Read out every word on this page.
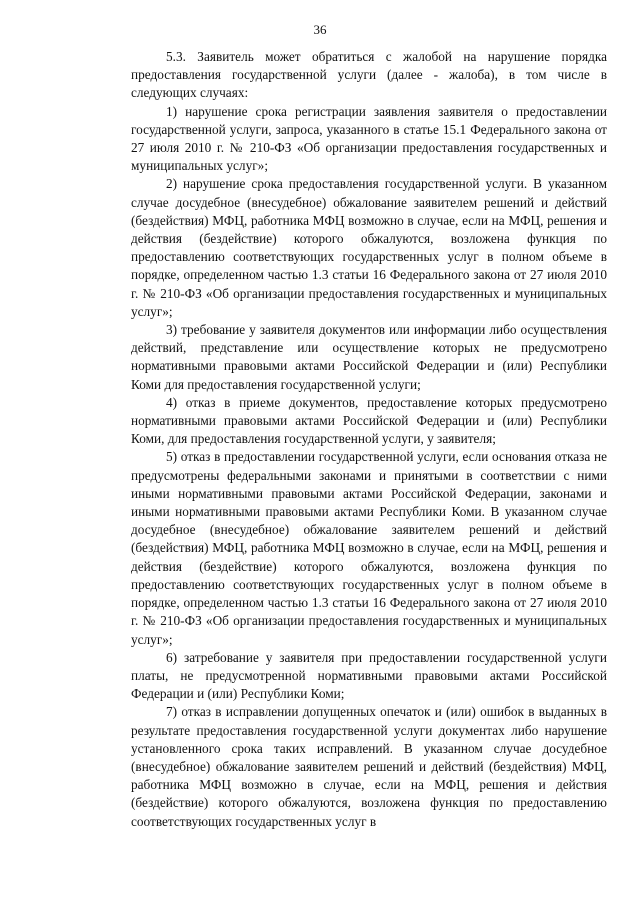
36

5.3. Заявитель может обратиться с жалобой на нарушение порядка предоставления государственной услуги (далее - жалоба), в том числе в следующих случаях:

1) нарушение срока регистрации заявления заявителя о предоставлении государственной услуги, запроса, указанного в статье 15.1 Федерального закона от 27 июля 2010 г. № 210-ФЗ «Об организации предоставления государственных и муниципальных услуг»;

2) нарушение срока предоставления государственной услуги. В указанном случае досудебное (внесудебное) обжалование заявителем решений и действий (бездействия) МФЦ, работника МФЦ возможно в случае, если на МФЦ, решения и действия (бездействие) которого обжалуются, возложена функция по предоставлению соответствующих государственных услуг в полном объеме в порядке, определенном частью 1.3 статьи 16 Федерального закона от 27 июля 2010 г. № 210-ФЗ «Об организации предоставления государственных и муниципальных услуг»;

3) требование у заявителя документов или информации либо осуществления действий, представление или осуществление которых не предусмотрено нормативными правовыми актами Российской Федерации и (или) Республики Коми для предоставления государственной услуги;

4) отказ в приеме документов, предоставление которых предусмотрено нормативными правовыми актами Российской Федерации и (или) Республики Коми, для предоставления государственной услуги, у заявителя;

5) отказ в предоставлении государственной услуги, если основания отказа не предусмотрены федеральными законами и принятыми в соответствии с ними иными нормативными правовыми актами Российской Федерации, законами и иными нормативными правовыми актами Республики Коми. В указанном случае досудебное (внесудебное) обжалование заявителем решений и действий (бездействия) МФЦ, работника МФЦ возможно в случае, если на МФЦ, решения и действия (бездействие) которого обжалуются, возложена функция по предоставлению соответствующих государственных услуг в полном объеме в порядке, определенном частью 1.3 статьи 16 Федерального закона от 27 июля 2010 г. № 210-ФЗ «Об организации предоставления государственных и муниципальных услуг»;

6) затребование у заявителя при предоставлении государственной услуги платы, не предусмотренной нормативными правовыми актами Российской Федерации и (или) Республики Коми;

7) отказ в исправлении допущенных опечаток и (или) ошибок в выданных в результате предоставления государственной услуги документах либо нарушение установленного срока таких исправлений. В указанном случае досудебное (внесудебное) обжалование заявителем решений и действий (бездействия) МФЦ, работника МФЦ возможно в случае, если на МФЦ, решения и действия (бездействие) которого обжалуются, возложена функция по предоставлению соответствующих государственных услуг в
